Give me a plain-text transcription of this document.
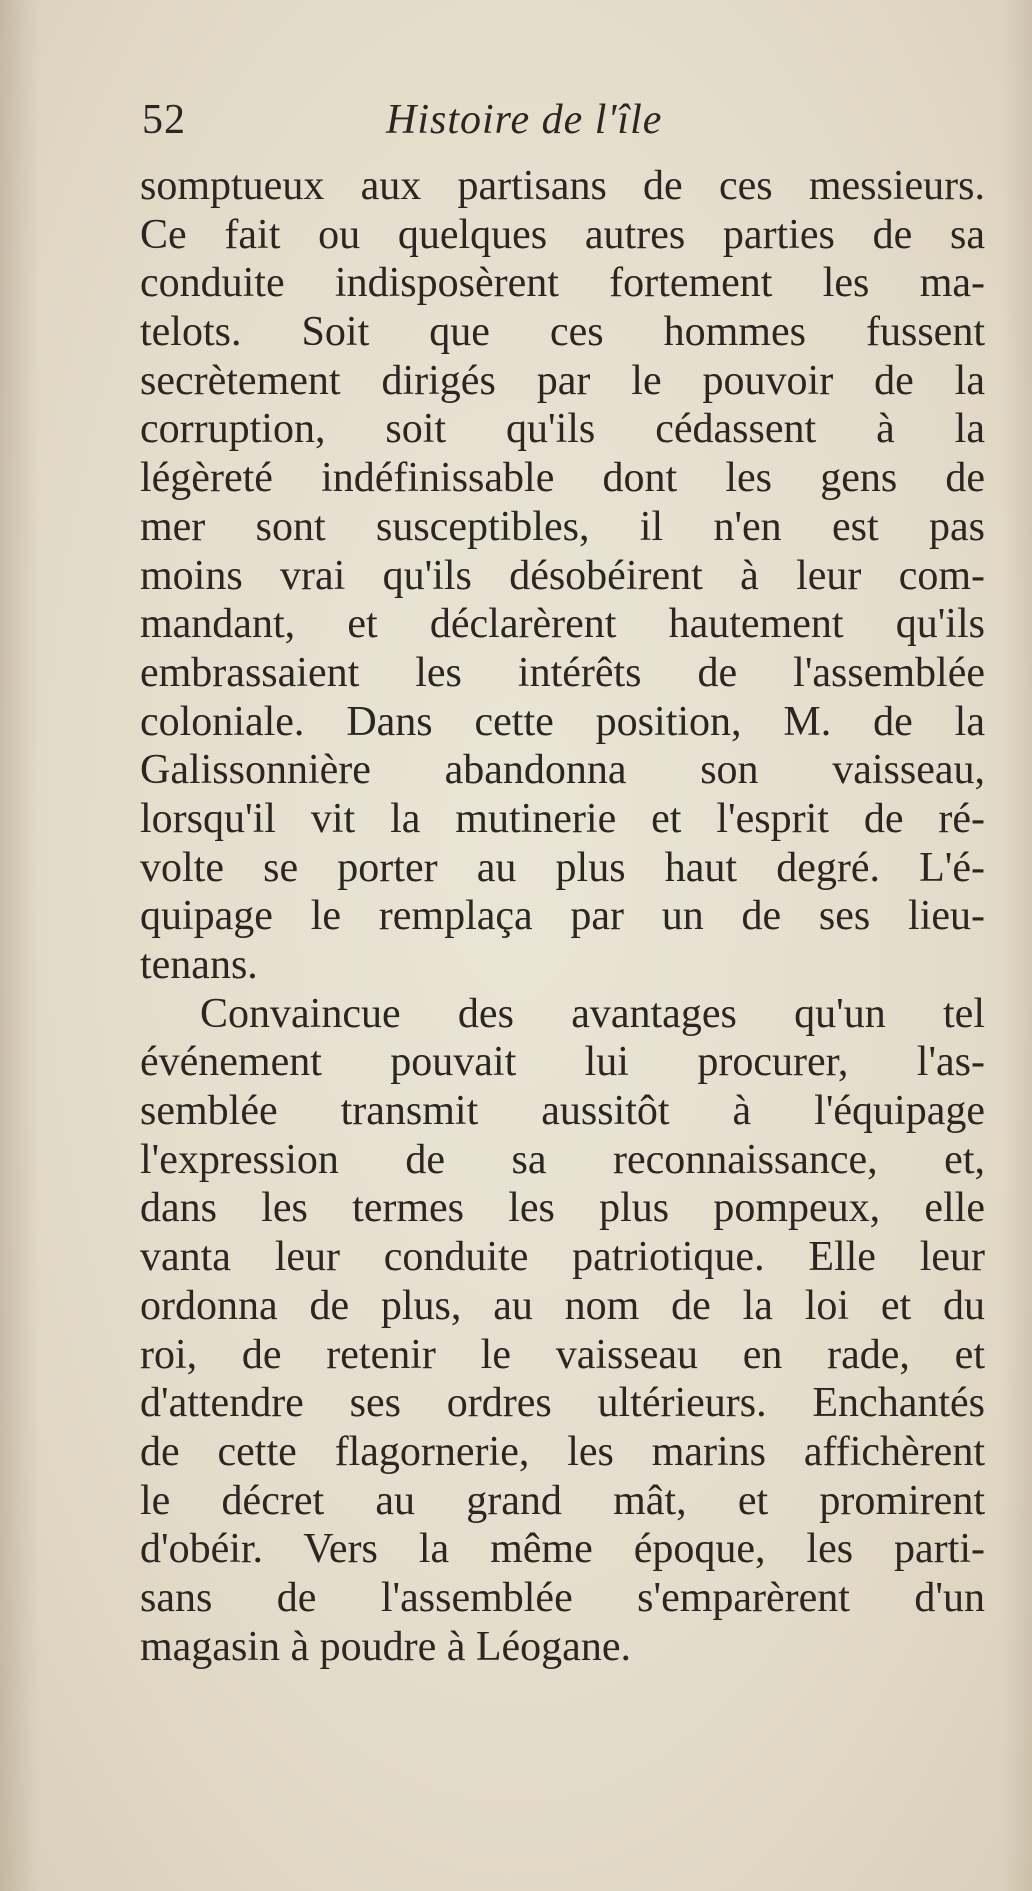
52	Histoire de l'île
somptueux aux partisans de ces messieurs.
Ce fait ou quelques autres parties de sa
conduite indisposèrent fortement les ma-
telots. Soit que ces hommes fussent
secrètement dirigés par le pouvoir de la
corruption, soit qu'ils cédassent à la
légèreté indéfinissable dont les gens de
mer sont susceptibles, il n'en est pas
moins vrai qu'ils désobéirent à leur com-
mandant, et déclarèrent hautement qu'ils
embrassaient les intérêts de l'assemblée
coloniale. Dans cette position, M. de la
Galissonnière abandonna son vaisseau,
lorsqu'il vit la mutinerie et l'esprit de ré-
volte se porter au plus haut degré. L'é-
quipage le remplaça par un de ses lieu-
tenans.
Convaincue des avantages qu'un tel
événement pouvait lui procurer, l'as-
semblée transmit aussitôt à l'équipage
l'expression de sa reconnaissance, et,
dans les termes les plus pompeux, elle
vanta leur conduite patriotique. Elle leur
ordonna de plus, au nom de la loi et du
roi, de retenir le vaisseau en rade, et
d'attendre ses ordres ultérieurs. Enchantés
de cette flagornerie, les marins affichèrent
le décret au grand mât, et promirent
d'obéir. Vers la même époque, les parti-
sans de l'assemblée s'emparèrent d'un
magasin à poudre à Léogane.
